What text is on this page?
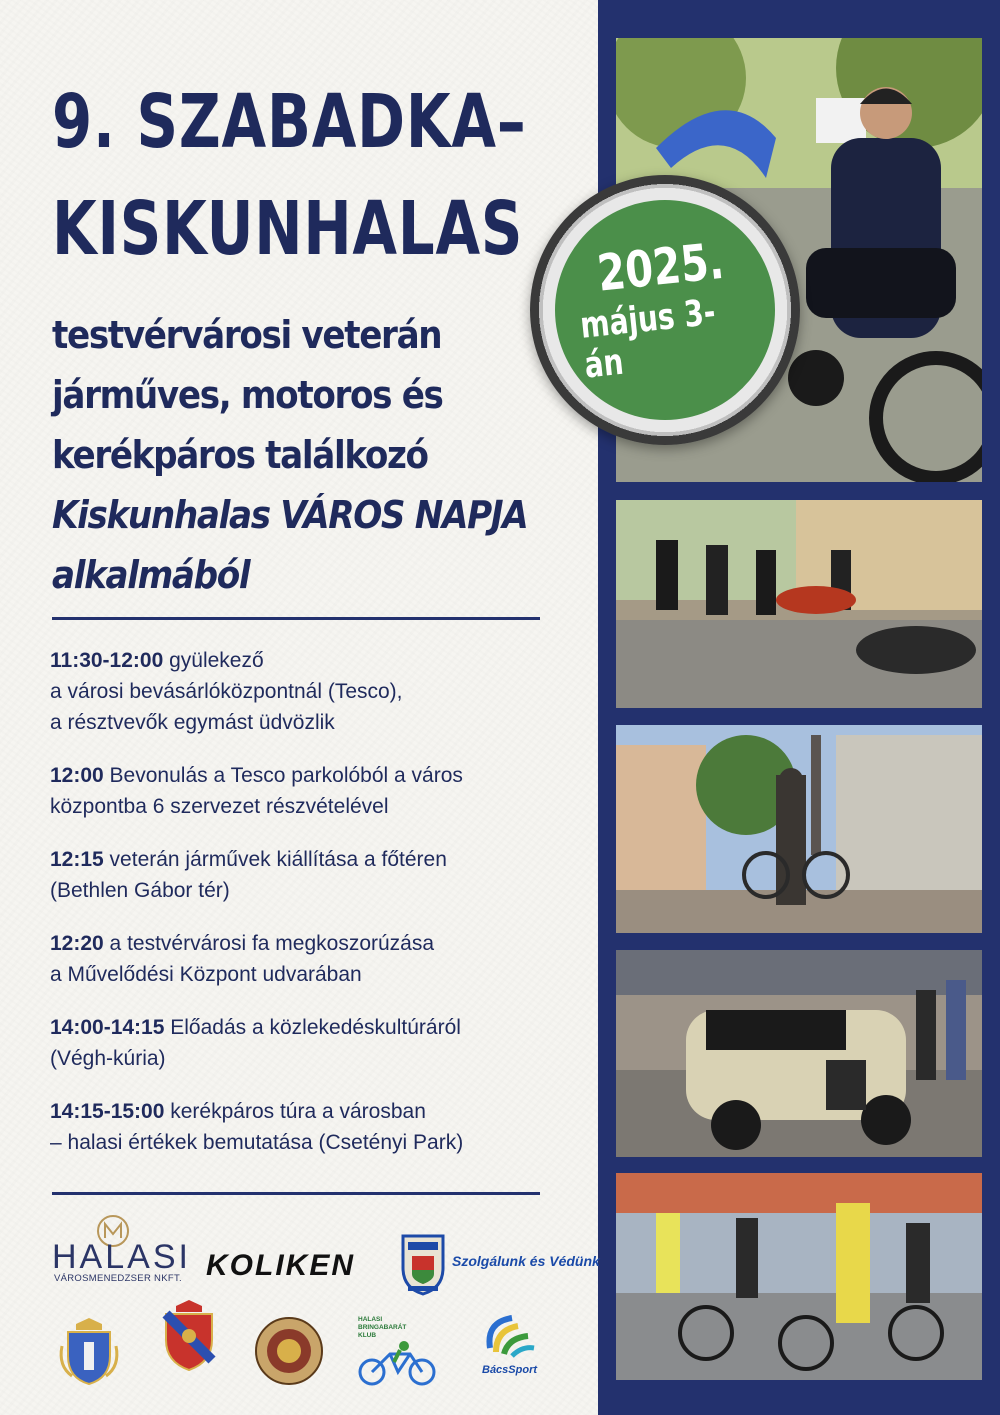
9. SZABADKA–
KISKUNHALAS
testvérvárosi veterán
járműves, motoros és
kerékpáros találkozó
Kiskunhalas VÁROS NAPJA
alkalmából
2025.
május 3-án
11:30-12:00 gyülekező
a városi bevásárlóközpontnál (Tesco),
a résztvevők egymást üdvözlik
12:00 Bevonulás a Tesco parkolóból a város
központba 6 szervezet részvételével
12:15 veterán járművek kiállítása a főtéren
(Bethlen Gábor tér)
12:20 a testvérvárosi fa megkoszorúzása
a Művelődési Központ udvarában
14:00-14:15 Előadás a közlekedéskultúráról
(Végh-kúria)
14:15-15:00 kerékpáros túra a városban
– halasi értékek bemutatása (Csetényi Park)
HALASI
VÁROSMENEDZSER NKFT. KOLIKEN	Szolgálunk és Védünk
HALASI
BRINGABARÁT
KLUB
BácsSport
